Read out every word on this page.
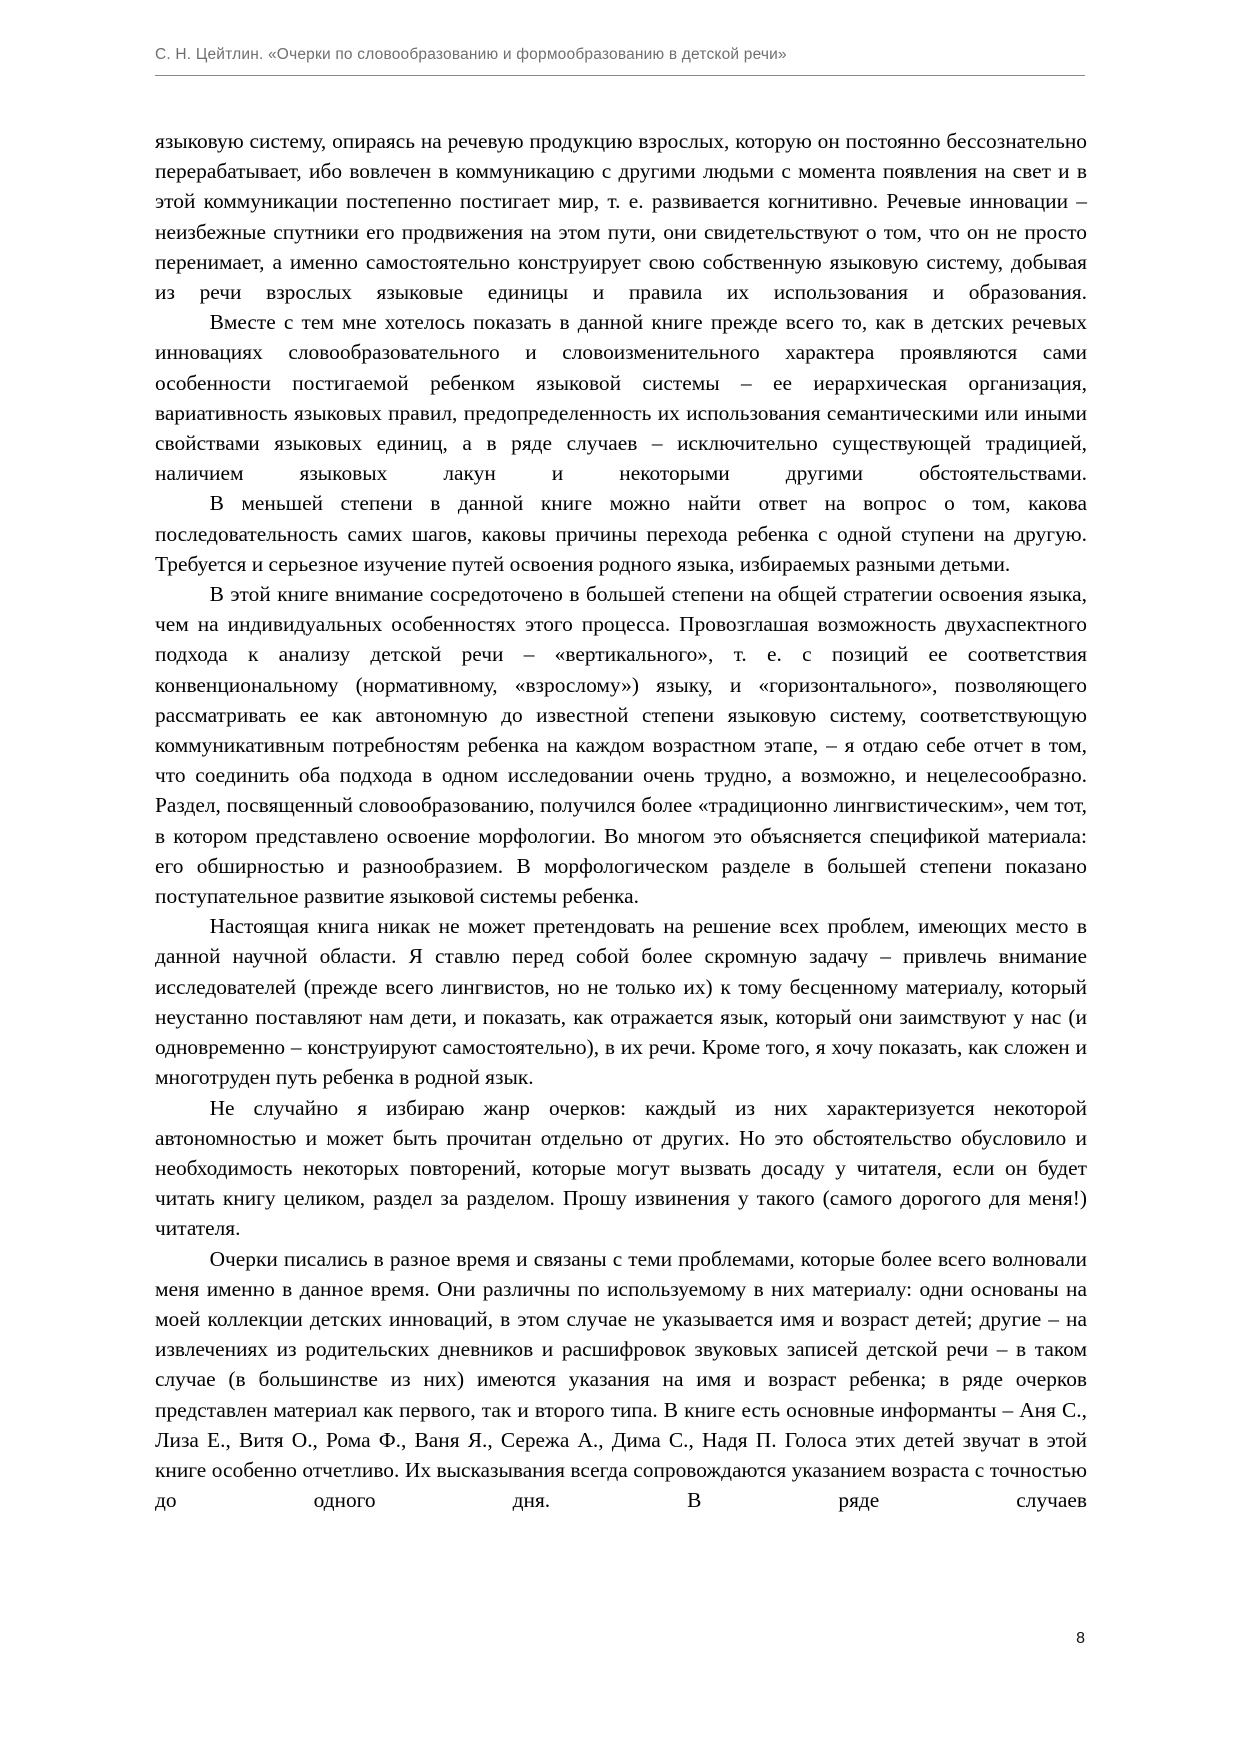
С. Н. Цейтлин. «Очерки по словообразованию и формообразованию в детской речи»

языковую систему, опираясь на речевую продукцию взрослых, которую он постоянно бессознательно перерабатывает, ибо вовлечен в коммуникацию с другими людьми с момента появления на свет и в этой коммуникации постепенно постигает мир, т. е. развивается когнитивно. Речевые инновации – неизбежные спутники его продвижения на этом пути, они свидетельствуют о том, что он не просто перенимает, а именно самостоятельно конструирует свою собственную языковую систему, добывая из речи взрослых языковые единицы и правила их использования и образования.

Вместе с тем мне хотелось показать в данной книге прежде всего то, как в детских речевых инновациях словообразовательного и словоизменительного характера проявляются сами особенности постигаемой ребенком языковой системы – ее иерархическая организация, вариативность языковых правил, предопределенность их использования семантическими или иными свойствами языковых единиц, а в ряде случаев – исключительно существующей традицией, наличием языковых лакун и некоторыми другими обстоятельствами.

В меньшей степени в данной книге можно найти ответ на вопрос о том, какова последовательность самих шагов, каковы причины перехода ребенка с одной ступени на другую. Требуется и серьезное изучение путей освоения родного языка, избираемых разными детьми.

В этой книге внимание сосредоточено в большей степени на общей стратегии освоения языка, чем на индивидуальных особенностях этого процесса. Провозглашая возможность двухаспектного подхода к анализу детской речи – «вертикального», т. е. с позиций ее соответствия конвенциональному (нормативному, «взрослому») языку, и «горизонтального», позволяющего рассматривать ее как автономную до известной степени языковую систему, соответствующую коммуникативным потребностям ребенка на каждом возрастном этапе, – я отдаю себе отчет в том, что соединить оба подхода в одном исследовании очень трудно, а возможно, и нецелесообразно. Раздел, посвященный словообразованию, получился более «традиционно лингвистическим», чем тот, в котором представлено освоение морфологии. Во многом это объясняется спецификой материала: его обширностью и разнообразием. В морфологическом разделе в большей степени показано поступательное развитие языковой системы ребенка.

Настоящая книга никак не может претендовать на решение всех проблем, имеющих место в данной научной области. Я ставлю перед собой более скромную задачу – привлечь внимание исследователей (прежде всего лингвистов, но не только их) к тому бесценному материалу, который неустанно поставляют нам дети, и показать, как отражается язык, который они заимствуют у нас (и одновременно – конструируют самостоятельно), в их речи. Кроме того, я хочу показать, как сложен и многотруден путь ребенка в родной язык.

Не случайно я избираю жанр очерков: каждый из них характеризуется некоторой автономностью и может быть прочитан отдельно от других. Но это обстоятельство обусловило и необходимость некоторых повторений, которые могут вызвать досаду у читателя, если он будет читать книгу целиком, раздел за разделом. Прошу извинения у такого (самого дорогого для меня!) читателя.

Очерки писались в разное время и связаны с теми проблемами, которые более всего волновали меня именно в данное время. Они различны по используемому в них материалу: одни основаны на моей коллекции детских инноваций, в этом случае не указывается имя и возраст детей; другие – на извлечениях из родительских дневников и расшифровок звуковых записей детской речи – в таком случае (в большинстве из них) имеются указания на имя и возраст ребенка; в ряде очерков представлен материал как первого, так и второго типа. В книге есть основные информанты – Аня С., Лиза Е., Витя О., Рома Ф., Ваня Я., Сережа А., Дима С., Надя П. Голоса этих детей звучат в этой книге особенно отчетливо. Их высказывания всегда сопровождаются указанием возраста с точностью до одного дня. В ряде случаев

8
